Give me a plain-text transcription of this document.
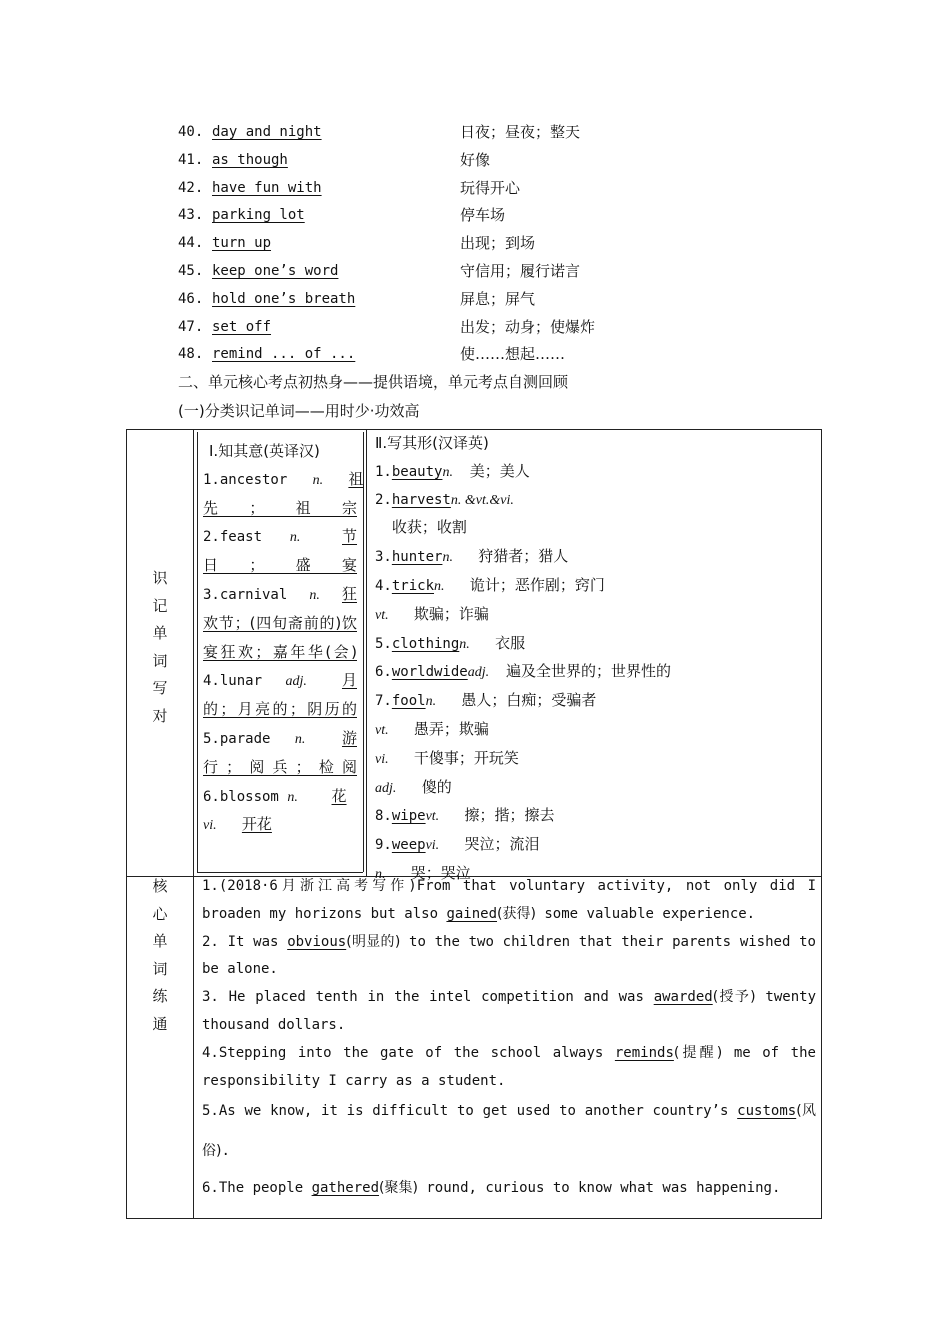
40. day and night	日夜；昼夜；整天
41. as though	好像
42. have fun with	玩得开心
43. parking lot	停车场
44. turn up	出现；到场
45. keep one’s word	守信用；履行诺言
46. hold one’s breath	屏息；屏气
47. set off	出发；动身；使爆炸
48. remind ... of ...	使……想起……
二、单元核心考点初热身——提供语境，单元考点自测回顾
(一)分类识记单词——用时少·功效高
识
记
单
词
写
对
Ⅰ.知其意(英译汉)
1.ancestor n. 祖先；祖宗
2.feast n.	节日；盛宴
3.carnival n. 狂欢节；(四旬斋前的)饮宴狂欢；嘉年华(会)
4.lunar adj. 月的；月亮的；阴历的
5.parade n. 游行；阅兵；检阅
6.blossom n. 花
vi. 开花
Ⅱ.写其形(汉译英)
1.beautyn. 美；美人
2.harvestn. &vt.&vi.
收获；收割
3.huntern. 狩猎者；猎人
4.trickn. 诡计；恶作剧；窍门
vt. 欺骗；诈骗
5.clothingn. 衣服
6.worldwideadj. 遍及全世界的；世界性的
7.fooln. 愚人；白痴；受骗者
vt. 愚弄；欺骗
vi. 干傻事；开玩笑
adj. 傻的
8.wipevt. 擦；揩；擦去
9.weepvi. 哭泣；流泪
n. 哭；哭泣
核
心
单
词
练
通
1.(2018·6月浙江高考写作)From that voluntary activity, not only did I broaden my horizons but also gained(获得) some valuable experience.
2. It was obvious(明显的) to the two children that their parents wished to be alone.
3. He placed tenth in the intel competition and was awarded(授予) twenty thousand dollars.
4.Stepping into the gate of the school always reminds(提醒) me of the responsibility I carry as a student.
5.As we know, it is difficult to get used to another country’s customs(风俗).
6.The people gathered(聚集) round, curious to know what was happening.
